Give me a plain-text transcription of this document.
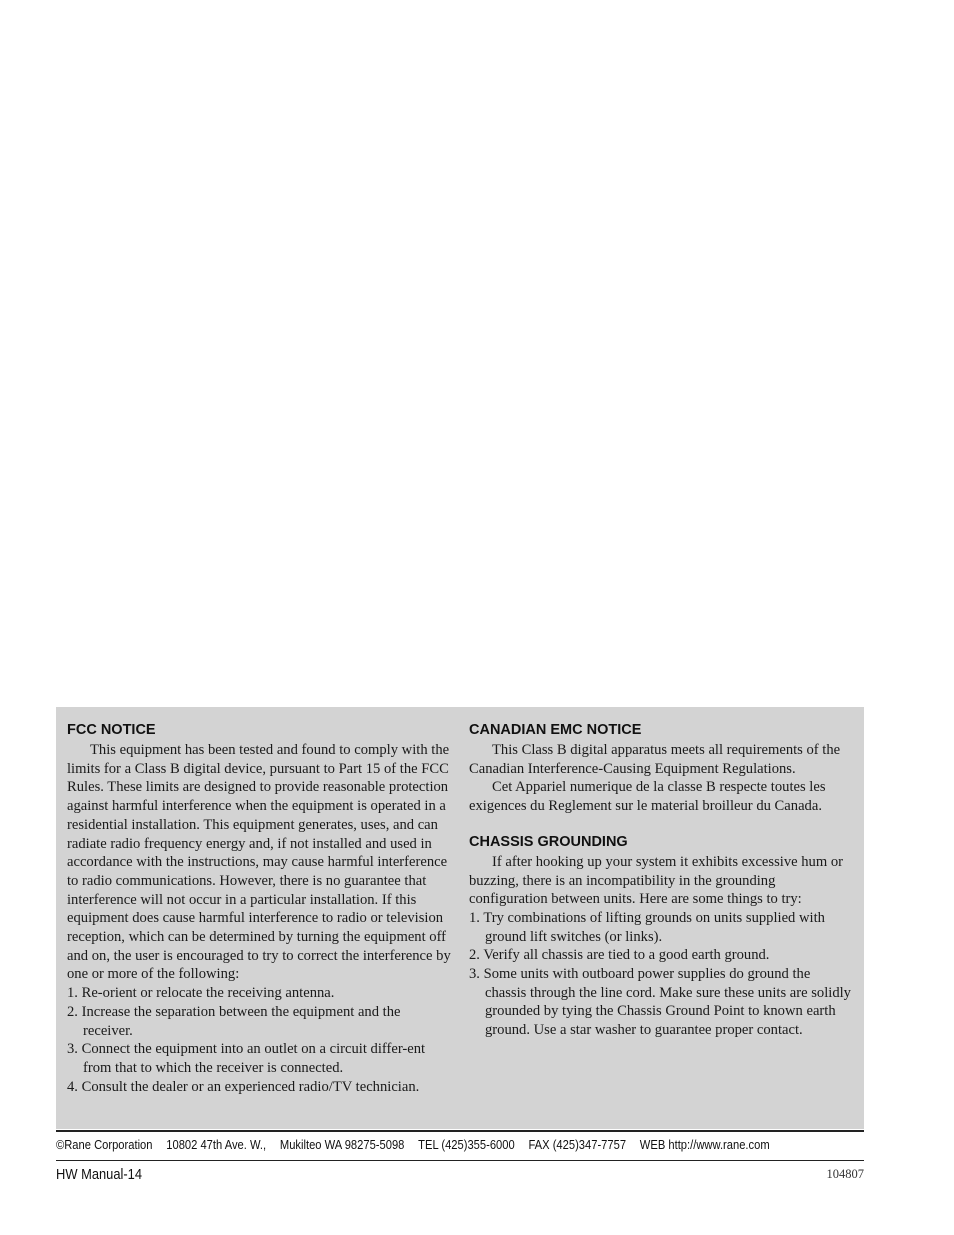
FCC NOTICE

This equipment has been tested and found to comply with the limits for a Class B digital device, pursuant to Part 15 of the FCC Rules. These limits are designed to provide reasonable protection against harmful interference when the equipment is operated in a residential installation. This equipment generates, uses, and can radiate radio frequency energy and, if not installed and used in accordance with the instructions, may cause harmful interference to radio communications. However, there is no guarantee that interference will not occur in a particular installation. If this equipment does cause harmful interference to radio or television reception, which can be determined by turning the equipment off and on, the user is encouraged to try to correct the interference by one or more of the following:

1. Re-orient or relocate the receiving antenna.

2. Increase the separation between the equipment and the receiver.

3. Connect the equipment into an outlet on a circuit differ-ent from that to which the receiver is connected.

4. Consult the dealer or an experienced radio/TV technician.

CANADIAN EMC NOTICE

This Class B digital apparatus meets all requirements of the Canadian Interference-Causing Equipment Regulations.

Cet Appariel numerique de la classe B respecte toutes les exigences du Reglement sur le material broilleur du Canada.

CHASSIS GROUNDING

If after hooking up your system it exhibits excessive hum or buzzing, there is an incompatibility in the grounding configuration between units. Here are some things to try:

1. Try combinations of lifting grounds on units supplied with ground lift switches (or links).

2. Verify all chassis are tied to a good earth ground.

3. Some units with outboard power supplies do ground the chassis through the line cord. Make sure these units are solidly grounded by tying the Chassis Ground Point to known earth ground. Use a star washer to guarantee proper contact.

©Rane Corporation 10802 47th Ave. W., Mukilteo WA 98275-5098 TEL (425)355-6000 FAX (425)347-7757 WEB http://www.rane.com
HW Manual-14	104807
